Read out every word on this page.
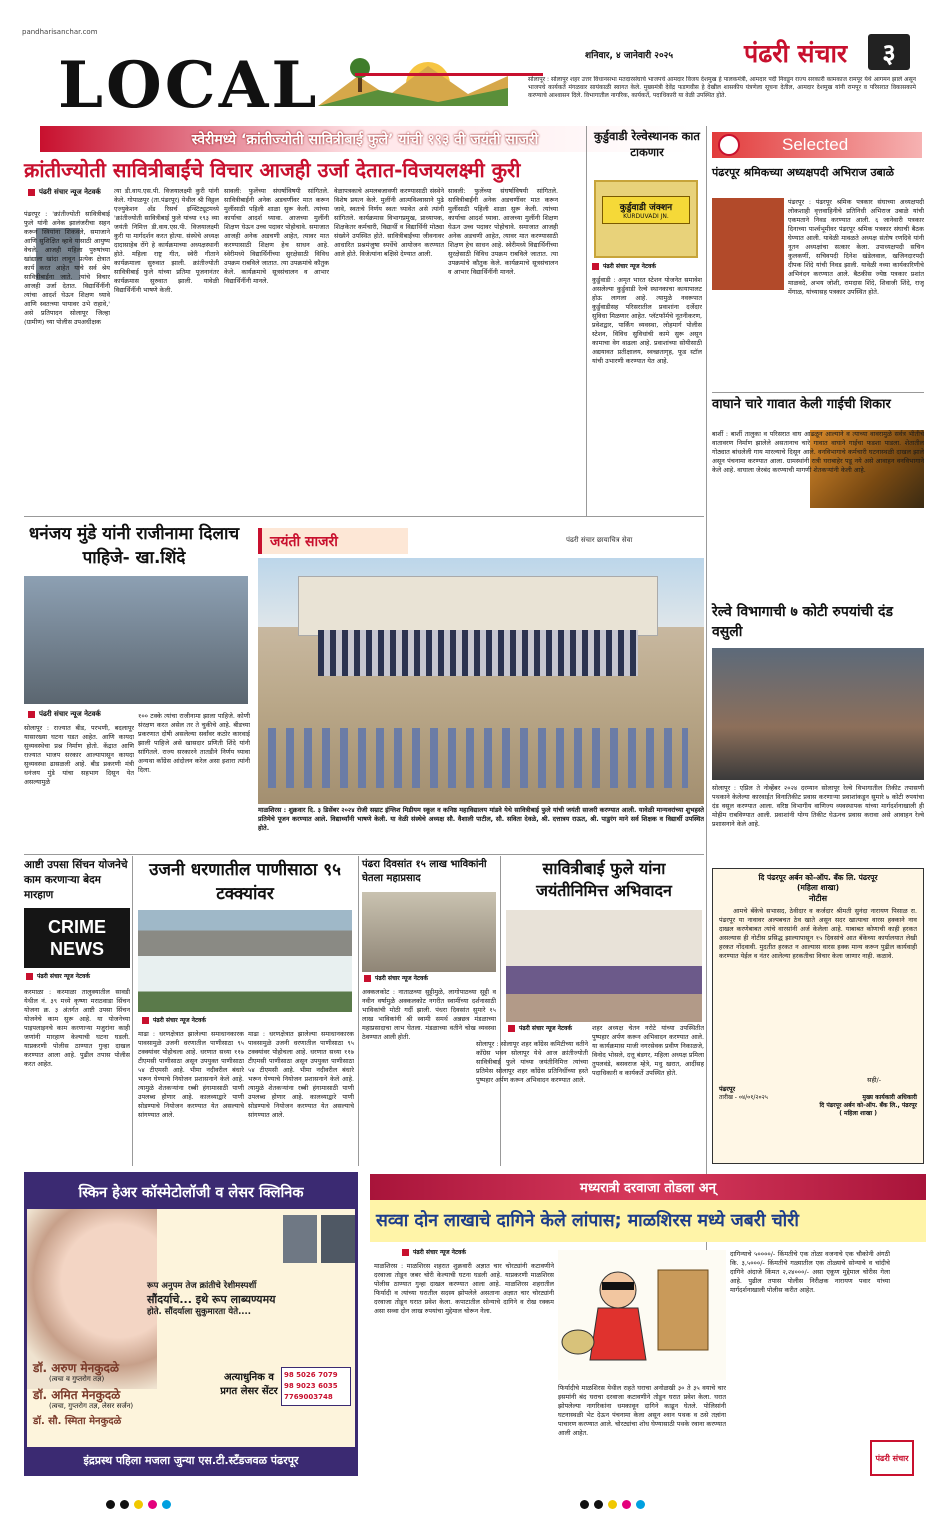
pandharisanchar.com
LOCAL	शनिवार, ४ जानेवारी २०२५	पंढरी संचार ३
सोलापूर : सोलापूर शहर उत्तर विधानसभा मतदारसंघाचे भाजपचे आमदार विजय देशमुख हे पालकमंत्री, आमदार पदी निवडून राज्य सरकारी कामकाज रामपूर येथे आगमन झाले असून भाजपचे कार्यकर्ते मंगळवार सायंकाळी स्वागत केले. मुख्यमंत्री देवेंद्र फडणवीस हे देखील शासकीय यंत्रणेला सूचना देतील, आमदार देशमुख यांनी रामपूर व परिसरात विकासकामे करण्याचे आश्वासन दिले. विभागातील नागरिक, कार्यकर्ते, पदाधिकारी या वेळी उपस्थित होते.
स्वेरीमध्ये ‘क्रांतीज्योती सावित्रीबाई फुले’ यांची १९३ वी जयंती साजरी
क्रांतीज्योती सावित्रीबाईंचे विचार आजही उर्जा देतात-विजयलक्ष्मी कुरी
पंढरी संचार न्यूज नेटवर्क
पंढरपूर : 'क्रांतीज्योती सावित्रीबाई फुले यांनी अनेक झालंजरीचा सहन करून स्त्रियांना शिकवले, समाजाने आणि सुशिक्षित व्हावे यासाठी आयुष्य वेचले. आजही महिला पुरुषांच्या खांद्याला खांदा लावून प्रत्येक क्षेत्रात कार्य करत आहेत याचे सर्व श्रेय सावित्रीबाईंना जाते. त्यांचे विचार आजही उर्जा देतात. विद्यार्थिनींनी त्यांचा आदर्श घेऊन शिक्षण घ्यावे आणि स्वतःच्या पायावर उभे राहावे,' असे प्रतिपादन सोलापूर जिल्हा (ग्रामीण) च्या पोलीस उपअधीक्षक
त्या डी.वाय.एस.पी. विजयालक्ष्मी कुरी यांनी केले. गोपाळपूर (ता.पंढरपूर) येथील श्री विठ्ठल एज्युकेशन अँड रिसर्च इन्स्टिट्यूटमध्ये 'क्रांतीज्योती सावित्रीबाई फुले यांच्या १९३ व्या जयंती निमित्त डी.वाय.एस.पी. विजयालक्ष्मी कुरी या मार्गदर्शन करत होत्या. संस्थेचे अध्यक्ष दादासाहेब रोंगे हे कार्यक्रमाच्या अध्यक्षस्थानी होते. महिला राष्ट्र गीत, स्वेरी गीताने कार्यक्रमाला सुरुवात झाली. क्रांतीज्योती सावित्रीबाई फुले यांच्या प्रतिमा पूजनानंतर कार्यक्रमास सुरुवात झाली. यावेळी विद्यार्थिनींनी भाषणे केली.
सावली: फुलेंच्या संघर्षाविषयी सांगितले. सावित्रीबाईंनी अनेक अडचणींवर मात करून मुलींसाठी पहिली शाळा सुरू केली. त्यांच्या कार्याचा आदर्श घ्यावा. आजच्या मुलींनी शिक्षण घेऊन उच्च पदावर पोहोचावे. समाजात आजही अनेक अडचणी आहेत, त्यावर मात करण्यासाठी शिक्षण हेच साधन आहे. स्वेरीमध्ये विद्यार्थिनींच्या सुरक्षेसाठी विविध उपक्रम राबविले जातात. त्या उपक्रमांचे कौतुक केले. कार्यक्रमाचे सूत्रसंचालन व आभार विद्यार्थिनींनी मानले.
वेळापत्रकाचे अमलबजावणी करण्यासाठी संस्थेने विशेष प्रयत्न केले. मुलींनी आत्मविश्वासाने पुढे जावे, स्वतःचे निर्णय स्वतः घ्यावेत असे त्यांनी सांगितले. कार्यक्रमास विभागप्रमुख, प्राध्यापक, शिक्षकेतर कर्मचारी, विद्यार्थी व विद्यार्थिनी मोठ्या संख्येने उपस्थित होते. सावित्रीबाईंच्या जीवनावर आधारित प्रश्नमंजुषा स्पर्धेचे आयोजन करण्यात आले होते. विजेत्यांना बक्षिसे देण्यात आली.
सावली: फुलेंच्या संघर्षाविषयी सांगितले. सावित्रीबाईंनी अनेक अडचणींवर मात करून मुलींसाठी पहिली शाळा सुरू केली. त्यांच्या कार्याचा आदर्श घ्यावा. आजच्या मुलींनी शिक्षण घेऊन उच्च पदावर पोहोचावे. समाजात आजही अनेक अडचणी आहेत, त्यावर मात करण्यासाठी शिक्षण हेच साधन आहे. स्वेरीमध्ये विद्यार्थिनींच्या सुरक्षेसाठी विविध उपक्रम राबविले जातात. त्या उपक्रमांचे कौतुक केले. कार्यक्रमाचे सूत्रसंचालन व आभार विद्यार्थिनींनी मानले.
कुर्डुवाडी रेल्वेस्थानक कात टाकणार
कुर्डुवाडी जंक्शन
KURDUVADI JN.
पंढरी संचार न्यूज नेटवर्क
कुर्डुवाडी : अमृत भारत स्टेशन योजनेत समावेश असलेल्या कुर्डुवाडी रेल्वे स्थानकाचा कायापालट होऊ लागला आहे. त्यामुळे नवरूपात कुर्डुवाडीसह परिसरातील प्रवाशांना दर्जेदार सुविधा मिळणार आहेत. प्लॅटफॉर्मचे नूतनीकरण, प्रवेशद्वार, पार्किंग व्यवस्था, लोहमार्ग पोलीस स्टेशन, विविध सुविधांची कामे सुरू असून कामाचा वेग वाढला आहे. प्रवाशांच्या सोयीसाठी अद्ययावत प्रतीक्षालय, स्वच्छतागृह, फूड स्टॉल यांची उभारणी करण्यात येत आहे.
Selected
पंढरपूर श्रमिकच्या अध्यक्षपदी अभिराज उबाळे
पंढरपूर : पंढरपूर श्रमिक पत्रकार संघाच्या अध्यक्षपदी लोकशाही वृत्तवाहिनीचे प्रतिनिधी अभिराज उबाळे यांची एकमताने निवड करण्यात आली. ६ जानेवारी पत्रकार दिनाच्या पार्श्वभूमीवर पंढरपूर श्रमिक पत्रकार संघाची बैठक घेण्यात आली. यावेळी मावळते अध्यक्ष संतोष रणदिवे यांनी नूतन अध्यक्षांचा सत्कार केला. उपाध्यक्षपदी सचिन कुलकर्णी, सचिवपदी दिनेश खंडेलवाल, खजिनदारपदी दीपक शिंदे यांची निवड झाली. यावेळी नव्या कार्यकारिणीचे अभिनंदन करण्यात आले. बैठकीस ज्येष्ठ पत्रकार प्रशांत माळवदे, अभय जोशी, रामदास शिंदे, शिवाजी शिंदे, राजू मेंगाळ, यांच्यासह पत्रकार उपस्थित होते.
वाघाने चारे गावात केली गाईची शिकार
बार्शी : बार्शी तालुका व परिसरात वाघ आढळून आल्याने व त्याच्या वावरामुळे सर्वत्र भीतीचे वातावरण निर्माण झालेले असतानाच चारे गावात वाघाने गाईचा फडशा पाडला. शेतातील गोठ्यात बांधलेली गाय मारल्याचे दिसून आले. वनविभागाचे कर्मचारी घटनास्थळी दाखल झाले असून पंचनामा करण्यात आला. ग्रामस्थांनी रात्री घराबाहेर पडू नये असे आवाहन वनविभागाने केले आहे. वाघाला जेरबंद करण्याची मागणी शेतकऱ्यांनी केली आहे.
रेल्वे विभागाची ७ कोटी रुपयांची दंड वसुली
सोलापूर : एप्रिल ते नोव्हेंबर २०२४ दरम्यान सोलापूर रेल्वे विभागातील तिकीट तपासणी पथकाने केलेल्या कारवाईत विनातिकीट प्रवास करणाऱ्या प्रवाशांकडून सुमारे ७ कोटी रुपयांचा दंड वसूल करण्यात आला. वरिष्ठ विभागीय वाणिज्य व्यवस्थापक यांच्या मार्गदर्शनाखाली ही मोहीम राबविण्यात आली. प्रवाशांनी योग्य तिकीट घेऊनच प्रवास करावा असे आवाहन रेल्वे प्रशासनाने केले आहे.
धनंजय मुंडे यांनी राजीनामा दिलाच पाहिजे- खा.शिंदे
पंढरी संचार न्यूज नेटवर्क
सोलापूर : राज्यात बीड, परभणी, बदलापूर यासारख्या घटना घडत आहेत. आणि कायदा सुव्यवस्थेचा प्रश्न निर्माण होतो. केंद्रात आणि राज्यात भाजप सरकार आल्यापासून कायदा सुव्यवस्था ढासळली आहे. बीड प्रकरणी मंत्री धनंजय मुंडे यांचा सहभाग दिसून येत असल्यामुळे
१०० टक्के त्यांचा राजीनामा झाला पाहिजे. कोणी संरक्षण करत असेल तर ते चुकीचे आहे. बीडच्या प्रकरणात दोषी असलेल्या सर्वांवर कठोर कारवाई झाली पाहिजे असे खासदार प्रणिती शिंदे यांनी सांगितले. राज्य सरकारने तातडीने निर्णय घ्यावा अन्यथा काँग्रेस आंदोलन करेल असा इशारा त्यांनी दिला.
जयंती साजरी	पंढरी संचार छायाचित्र सेवा
माळशिरस : शुक्रवार दि. ३ डिसेंबर २०२४ रोजी सम्राट इंग्लिश मिडीयम स्कूल व कनिष्ठ महाविद्यालय मांडवे येथे सावित्रीबाई फुले यांची जयंती साजरी करण्यात आली. यावेळी मान्यवरांच्या शुभहस्ते प्रतिमेचे पूजन करण्यात आले. विद्यार्थ्यांनी भाषणे केली. या वेळी संस्थेचे अध्यक्ष सौ. वैशाली पाटील, सौ. सविता देवळे, श्री. दत्तात्रय राऊत, श्री. पाडुरंग माने सर्व शिक्षक व विद्यार्थी उपस्थित होते.
आष्टी उपसा सिंचन योजनेचे काम करणाऱ्या बेदम मारहाण
CRIME NEWS
पंढरी संचार न्यूज नेटवर्क
करमाळा : करमाळा तालुक्यातील सावडी येथील नं. ३९ मध्ये कृष्णा मराठवाडा सिंचन योजना क्र. ३ अंतर्गत आष्टी उपसा सिंचन योजनेचे काम सुरू आहे. या योजनेच्या पाइपलाइनचे काम करणाऱ्या मजुरांना काही जणांनी मारहाण केल्याची घटना घडली. याप्रकरणी पोलीस ठाण्यात गुन्हा दाखल करण्यात आला आहे. पुढील तपास पोलीस करत आहेत.
उजनी धरणातील पाणीसाठा ९५ टक्क्यांवर
पंढरी संचार न्यूज नेटवर्क
माढा : धरणक्षेत्रात झालेल्या समाधानकारक पावसामुळे उजनी धरणातील पाणीसाठा ९५ टक्क्यांवर पोहोचला आहे. धरणात सध्या ११७ टीएमसी पाणीसाठा असून उपयुक्त पाणीसाठा ५४ टीएमसी आहे. भीमा नदीवरील बंधारे भरून घेण्याचे नियोजन प्रशासनाने केले आहे. त्यामुळे शेतकऱ्यांना रब्बी हंगामासाठी पाणी उपलब्ध होणार आहे. कालव्याद्वारे पाणी सोडण्याचे नियोजन करण्यात येत असल्याचे सांगण्यात आले.
माढा : धरणक्षेत्रात झालेल्या समाधानकारक पावसामुळे उजनी धरणातील पाणीसाठा ९५ टक्क्यांवर पोहोचला आहे. धरणात सध्या ११७ टीएमसी पाणीसाठा असून उपयुक्त पाणीसाठा ५४ टीएमसी आहे. भीमा नदीवरील बंधारे भरून घेण्याचे नियोजन प्रशासनाने केले आहे. त्यामुळे शेतकऱ्यांना रब्बी हंगामासाठी पाणी उपलब्ध होणार आहे. कालव्याद्वारे पाणी सोडण्याचे नियोजन करण्यात येत असल्याचे सांगण्यात आले.
पंढरा दिवसांत १५ लाख भाविकांनी घेतला महाप्रसाद
पंढरी संचार न्यूज नेटवर्क
अक्कलकोट : नाताळच्या सुट्टीमुळे, लागोपाठच्या सुट्टी व नवीन वर्षामुळे अक्कलकोट नगरीत स्वामींच्या दर्शनासाठी भाविकांची मोठी गर्दी झाली. पंधरा दिवसांत सुमारे १५ लाख भाविकांनी श्री स्वामी समर्थ अन्नछत्र मंडळाच्या महाप्रसादाचा लाभ घेतला. मंडळाच्या वतीने चोख व्यवस्था ठेवण्यात आली होती.
सावित्रीबाई फुले यांना जयंतीनिमित्त अभिवादन
पंढरी संचार न्यूज नेटवर्क
सोलापूर : सोलापूर शहर कॉंग्रेस कमिटीच्या वतीने कॉंग्रेस भवन सोलापूर येथे आज क्रांतीज्योती सावित्रीबाई फुले यांच्या जयंतीनिमित्त त्यांच्या प्रतिमेस सोलापूर शहर काँग्रेस प्रतिनिधींच्या हस्ते पुष्पहार अर्पण करून अभिवादन करण्यात आले.
शहर अध्यक्ष चेतन नरोटे यांच्या उपस्थितीत पुष्पहार अर्पण करून अभिवादन करण्यात आले. या कार्यक्रमास माजी नगरसेवक प्रवीण निकाळजे, विनोद भोसले, दत्तू बंडगर, महिला अध्यक्ष प्रमिला तुपलवंडे, बसवराज म्हेत्रे, मधु खरात, आदींसह पदाधिकारी व कार्यकर्ते उपस्थित होते.
दि पंढरपूर अर्बन को-ऑप. बँक लि. पंढरपूर
(महिला शाखा)
नोटीस
आमचे बँकेचे सभासद, ठेवीदार व कर्जदार श्रीमती सुनंदा नारायण पिसाळ रा. पंढरपूर या नावावर अल्पबचत ठेव खाते असून सदर खात्याचा वारस हक्काने नाव दाखल करणेबाबत त्यांचे वारसांनी अर्ज केलेला आहे. याबाबत कोणाची काही हरकत असल्यास ही नोटीस प्रसिद्ध झाल्यापासून १५ दिवसांचे आत बँकेच्या कार्यालयात लेखी हरकत नोंदवावी. मुदतीत हरकत न आल्यास वारस हक्क मान्य करून पुढील कार्यवाही करण्यात येईल व नंतर आलेल्या हरकतीचा विचार केला जाणार नाही. कळावे.
सही/-
पंढरपूर
तारीख - ०४/०१/२०२५	मुख्य कार्यकारी अधिकारी
दि पंढरपूर अर्बन को-ऑप. बँक लि., पंढरपूर
( महिला शाखा )
स्किन हेअर कॉस्मेटोलॉजी व लेसर क्लिनिक
रूप अनुपम तेज क्रांतीचे रेशीमस्पर्शी
सौंदर्याचे... इथे रूप लाब्यण्यमय
होते. सौंदर्याला सुकुमारता येते....
डॉ. अरुण मेनकुदळे
(त्वचा व गुप्तरोग तज्ञ)
डॉ. अमित मेनकुदळे
(त्वचा, गुप्तरोग तज्ञ, लेसर सर्जन)
डॉ. सौ. स्मिता मेनकुदळे
अत्याधुनिक व
प्रगत लेसर सेंटर
98 5026 7079
98 9023 6035
7769003748
इंद्रप्रस्थ पहिला मजला जुन्या एस.टी.स्टँडजवळ पंढरपूर
मध्यरात्री दरवाजा तोडला अन्
सव्वा दोन लाखाचे दागिने केले लांपास; माळशिरस मध्ये जबरी चोरी
पंढरी संचार न्यूज नेटवर्क
माळशिरस : माळशिरस शहरात शुक्रवारी अज्ञात चार चोरट्यांनी कटावणीने दरवाजा तोडून जबर चोरी केल्याची घटना घडली आहे. याप्रकरणी माळशिरस पोलीस ठाण्यात गुन्हा दाखल करण्यात आला आहे. माळशिरस शहरातील फिर्यादी व त्यांच्या घरातील सदस्य झोपलेले असताना अज्ञात चार चोरट्यांनी दरवाजा तोडून घरात प्रवेश केला. कपाटातील सोन्याचे दागिने व रोख रक्कम असा सव्वा दोन लाख रुपयांचा मुद्देमाल चोरून नेला.
फिर्यादीचे माळशिरस येथील राहते घराचा अनोळखी ३० ते ३५ वयाचे चार इसमांनी बंद घराचा दरवाजा कटावणीने तोडून घरात प्रवेश केला. घरात झोपलेल्या नागरिकांना धमकावून दागिने काढून घेतले. पोलिसांनी घटनास्थळी भेट देऊन पंचनामा केला असून श्वान पथक व ठसे तज्ञांना पाचारण करण्यात आले. चोरट्यांचा शोध घेण्यासाठी पथके रवाना करण्यात आली आहेत.
दागिन्याचे ५००००/- किंमतीचे एक तोळा वजनाचे एक चौकोनी अंगठी कि. ३,५०००/- किंमतीचे गळ्यातील एक तोळ्याचे सोन्याचे व चांदीचे दागिने अंदाजे किंमत २,२४०००/- असा एकूण मुद्देमाल चोरीस गेला आहे. पुढील तपास पोलीस निरीक्षक नारायण पवार यांच्या मार्गदर्शनाखाली पोलीस करीत आहेत.
पंढरी संचार
